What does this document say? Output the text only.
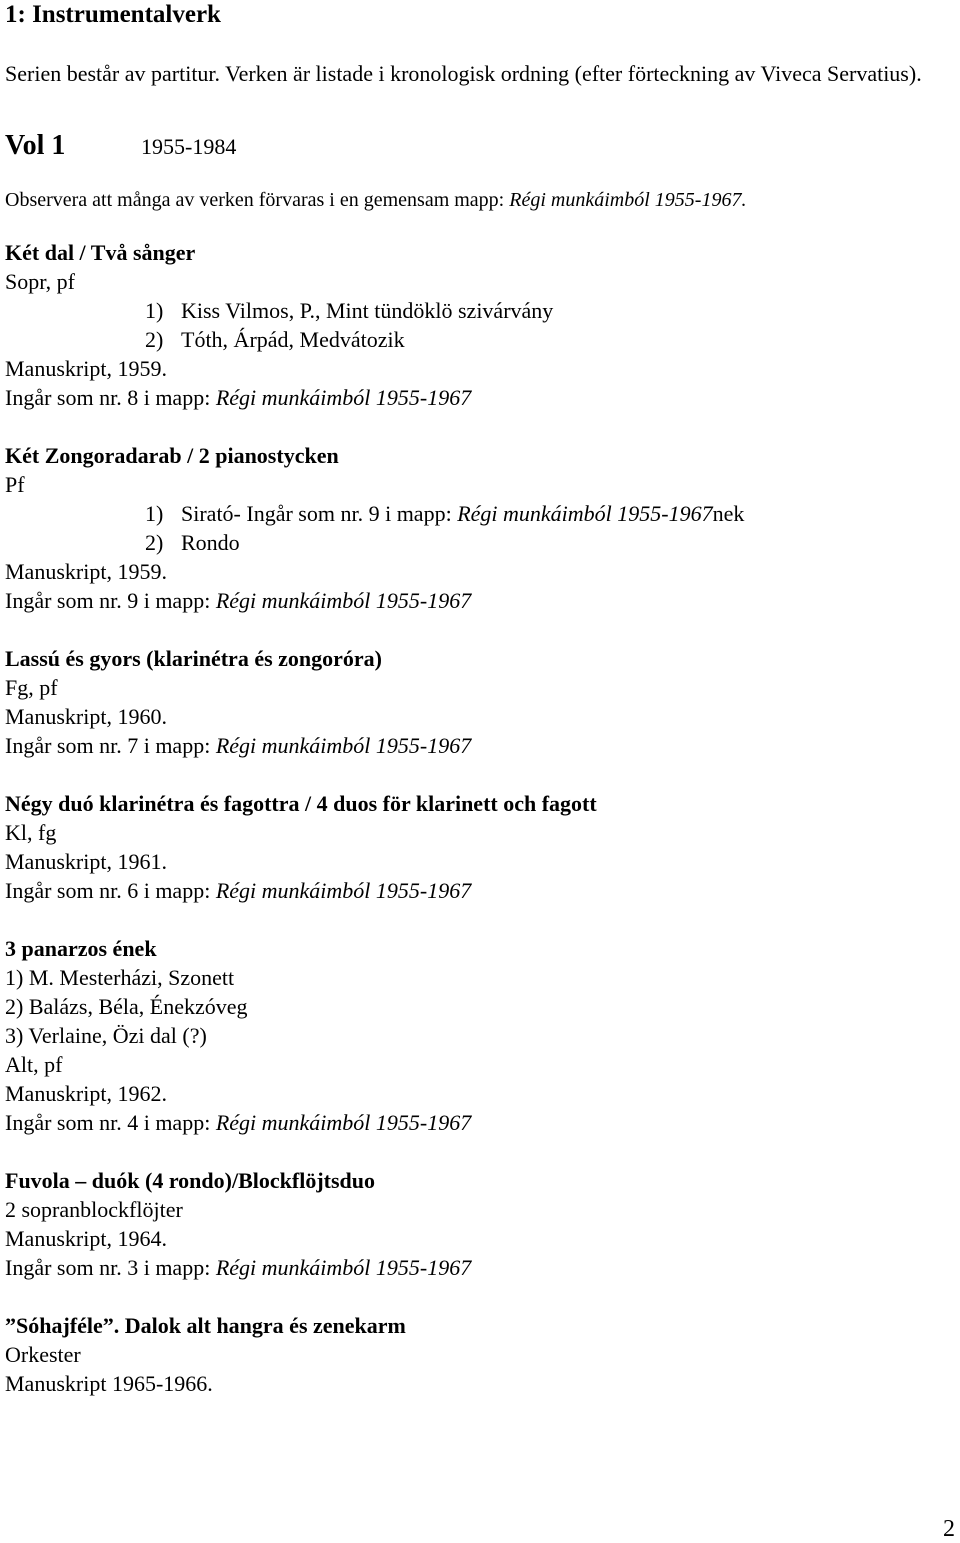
1: Instrumentalverk
Serien består av partitur. Verken är listade i kronologisk ordning (efter förteckning av Viveca Servatius).
Vol 1	1955-1984
Observera att många av verken förvaras i en gemensam mapp: Régi munkáimból 1955-1967.
Két dal / Två sånger
Sopr, pf
1) Kiss Vilmos, P., Mint tündöklö szivárvány
2) Tóth, Árpád, Medvátozik
Manuskript, 1959.
Ingår som nr. 8 i mapp: Régi munkáimból 1955-1967
Két Zongoradarab / 2 pianostycken
Pf
1) Sirató- Ingår som nr. 9 i mapp: Régi munkáimból 1955-1967nek
2) Rondo
Manuskript, 1959.
Ingår som nr. 9 i mapp: Régi munkáimból 1955-1967
Lassú és gyors (klarinétra és zongoróra)
Fg, pf
Manuskript, 1960.
Ingår som nr. 7 i mapp: Régi munkáimból 1955-1967
Négy duó klarinétra és fagottra / 4 duos för klarinett och fagott
Kl, fg
Manuskript, 1961.
Ingår som nr. 6 i mapp: Régi munkáimból 1955-1967
3 panarzos ének
1) M. Mesterházi, Szonett
2) Balázs, Béla, Énekzóveg
3) Verlaine, Özi dal (?)
Alt, pf
Manuskript, 1962.
Ingår som nr. 4 i mapp: Régi munkáimból 1955-1967
Fuvola – duók (4 rondo)/Blockflöjtsduo
2 sopranblockflöjter
Manuskript, 1964.
Ingår som nr. 3 i mapp: Régi munkáimból 1955-1967
”Sóhajféle”. Dalok alt hangra és zenekarm
Orkester
Manuskript 1965-1966.
2
